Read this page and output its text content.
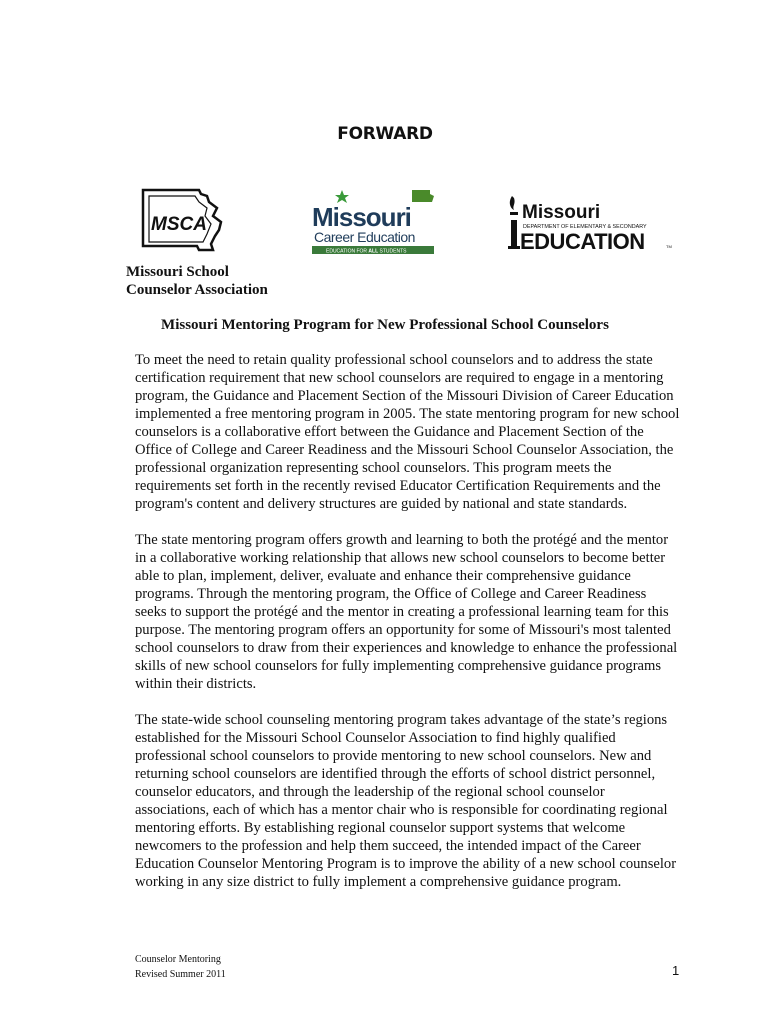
FORWARD
MSCA	Missouri
Career Education
EDUCATION FOR ALL STUDENTS
Missouri
DEPARTMENT OF ELEMENTARY & SECONDARY
EDUCATION	TM
Missouri School
Counselor Association
Missouri Mentoring Program for New Professional School Counselors

To meet the need to retain quality professional school counselors and to address the state certification requirement that new school counselors are required to engage in a mentoring program, the Guidance and Placement Section of the Missouri Division of Career Education implemented a free mentoring program in 2005. The state mentoring program for new school counselors is a collaborative effort between the Guidance and Placement Section of the Office of College and Career Readiness and the Missouri School Counselor Association, the professional organization representing school counselors. This program meets the requirements set forth in the recently revised Educator Certification Requirements and the program's content and delivery structures are guided by national and state standards.

The state mentoring program offers growth and learning to both the protégé and the mentor in a collaborative working relationship that allows new school counselors to become better able to plan, implement, deliver, evaluate and enhance their comprehensive guidance programs. Through the mentoring program, the Office of College and Career Readiness seeks to support the protégé and the mentor in creating a professional learning team for this purpose. The mentoring program offers an opportunity for some of Missouri's most talented school counselors to draw from their experiences and knowledge to enhance the professional skills of new school counselors for fully implementing comprehensive guidance programs within their districts.

The state-wide school counseling mentoring program takes advantage of the state’s regions established for the Missouri School Counselor Association to find highly qualified professional school counselors to provide mentoring to new school counselors. New and returning school counselors are identified through the efforts of school district personnel, counselor educators, and through the leadership of the regional school counselor associations, each of which has a mentor chair who is responsible for coordinating regional mentoring efforts. By establishing regional counselor support systems that welcome newcomers to the profession and help them succeed, the intended impact of the Career Education Counselor Mentoring Program is to improve the ability of a new school counselor working in any size district to fully implement a comprehensive guidance program.

Counselor Mentoring
Revised Summer 2011	1
